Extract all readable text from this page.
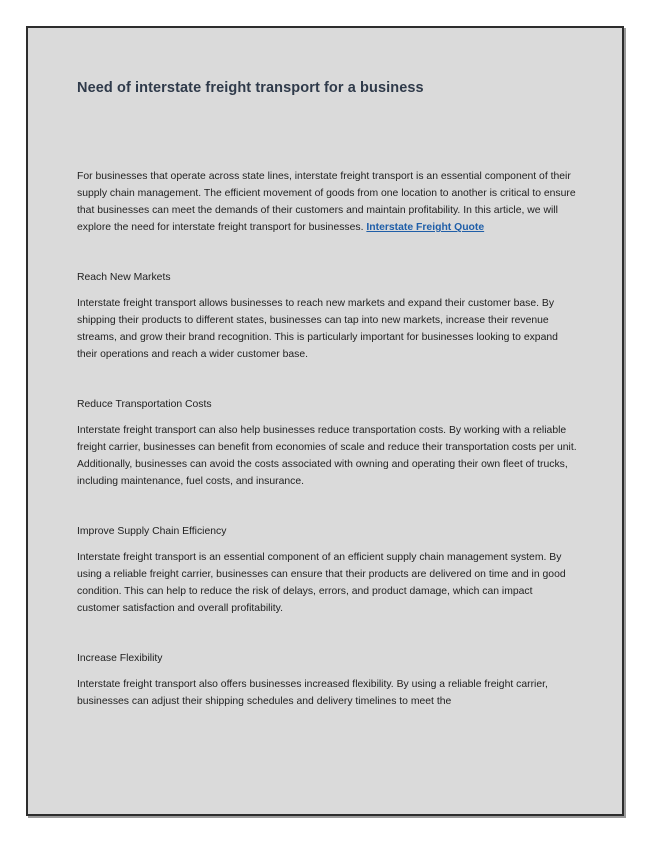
Need of interstate freight transport for a business

For businesses that operate across state lines, interstate freight transport is an essential component of their supply chain management. The efficient movement of goods from one location to another is critical to ensure that businesses can meet the demands of their customers and maintain profitability. In this article, we will explore the need for interstate freight transport for businesses. Interstate Freight Quote

Reach New Markets

Interstate freight transport allows businesses to reach new markets and expand their customer base. By shipping their products to different states, businesses can tap into new markets, increase their revenue streams, and grow their brand recognition. This is particularly important for businesses looking to expand their operations and reach a wider customer base.

Reduce Transportation Costs

Interstate freight transport can also help businesses reduce transportation costs. By working with a reliable freight carrier, businesses can benefit from economies of scale and reduce their transportation costs per unit. Additionally, businesses can avoid the costs associated with owning and operating their own fleet of trucks, including maintenance, fuel costs, and insurance.

Improve Supply Chain Efficiency

Interstate freight transport is an essential component of an efficient supply chain management system. By using a reliable freight carrier, businesses can ensure that their products are delivered on time and in good condition. This can help to reduce the risk of delays, errors, and product damage, which can impact customer satisfaction and overall profitability.

Increase Flexibility

Interstate freight transport also offers businesses increased flexibility. By using a reliable freight carrier, businesses can adjust their shipping schedules and delivery timelines to meet the
